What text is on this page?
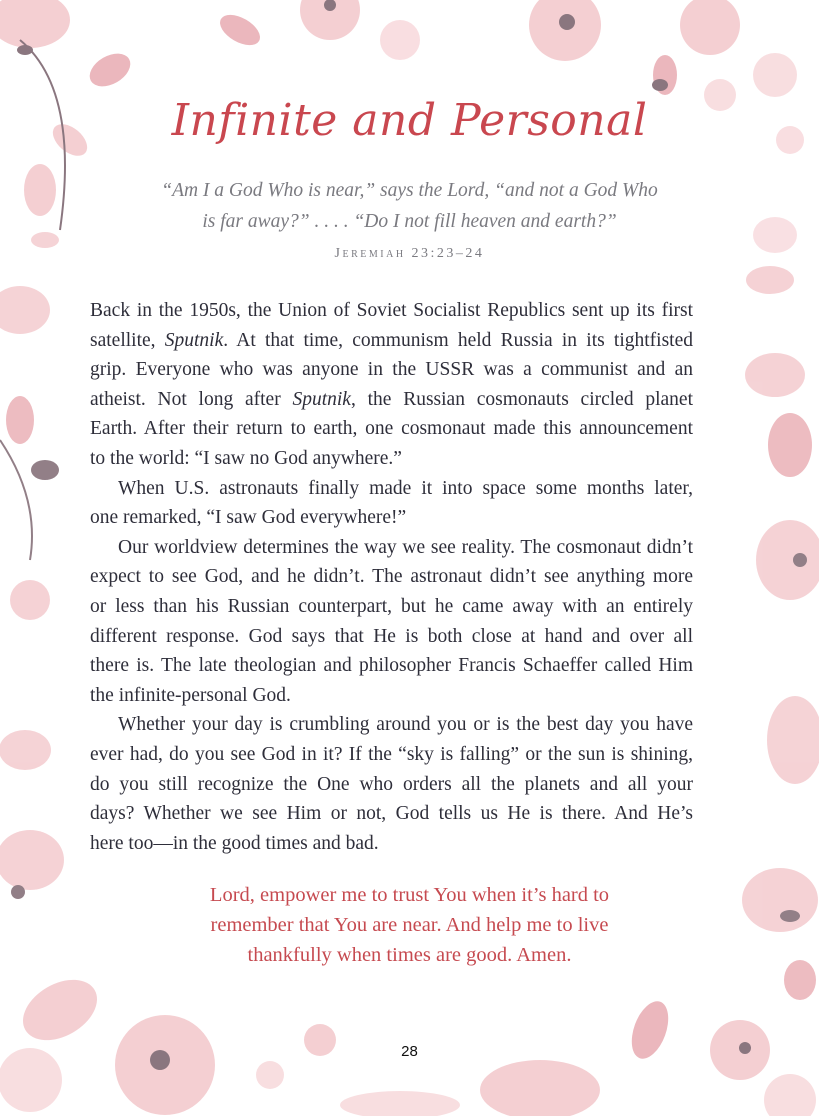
Infinite and Personal
“Am I a God Who is near,” says the Lord, “and not a God Who
is far away?” . . . . “Do I not fill heaven and earth?”
Jeremiah 23:23–24
Back in the 1950s, the Union of Soviet Socialist Republics sent up its first
satellite, Sputnik. At that time, communism held Russia in its tightfisted
grip. Everyone who was anyone in the USSR was a communist and an
atheist. Not long after Sputnik, the Russian cosmonauts circled planet
Earth. After their return to earth, one cosmonaut made this announcement
to the world: “I saw no God anywhere.”
When U.S. astronauts finally made it into space some months later,
one remarked, “I saw God everywhere!”
Our worldview determines the way we see reality. The cosmonaut didn’t
expect to see God, and he didn’t. The astronaut didn’t see anything more
or less than his Russian counterpart, but he came away with an entirely
different response. God says that He is both close at hand and over all
there is. The late theologian and philosopher Francis Schaeffer called Him
the infinite-personal God.
Whether your day is crumbling around you or is the best day you have
ever had, do you see God in it? If the “sky is falling” or the sun is shining,
do you still recognize the One who orders all the planets and all your
days? Whether we see Him or not, God tells us He is there. And He’s
here too—in the good times and bad.
Lord, empower me to trust You when it’s hard to
remember that You are near. And help me to live
thankfully when times are good. Amen.
28
